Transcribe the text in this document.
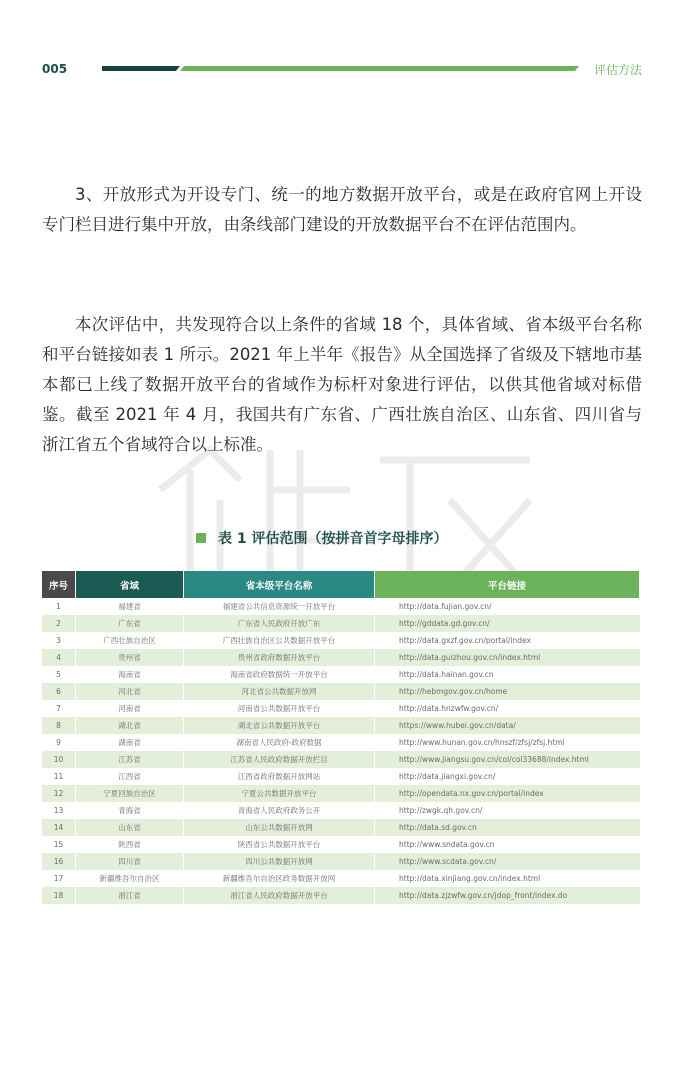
005	评估方法

3、开放形式为开设专门、统一的地方数据开放平台，或是在政府官网上开设专门栏目进行集中开放，由条线部门建设的开放数据平台不在评估范围内。

本次评估中，共发现符合以上条件的省域 18 个，具体省域、省本级平台名称和平台链接如表 1 所示。2021 年上半年《报告》从全国选择了省级及下辖地市基本都已上线了数据开放平台的省域作为标杆对象进行评估，以供其他省域对标借鉴。截至 2021 年 4 月，我国共有广东省、广西壮族自治区、山东省、四川省与浙江省五个省域符合以上标准。

表 1 评估范围（按拼音首字母排序）
序号	省域	省本级平台名称	平台链接
1	福建省	福建省公共信息资源统一开放平台	http://data.fujian.gov.cn/
2	广东省	广东省人民政府开放广东	http://gddata.gd.gov.cn/
3	广西壮族自治区	广西壮族自治区公共数据开放平台	http://data.gxzf.gov.cn/portal/index
4	贵州省	贵州省政府数据开放平台	http://data.guizhou.gov.cn/index.html
5	海南省	海南省政府数据统一开放平台	http://data.hainan.gov.cn
6	河北省	河北省公共数据开放网	http://hebmgov.gov.cn/home
7	河南省	河南省公共数据开放平台	http://data.hnzwfw.gov.cn/
8	湖北省	湖北省公共数据开放平台	https://www.hubei.gov.cn/data/
9	湖南省	湖南省人民政府-政府数据	http://www.hunan.gov.cn/hnszf/zfsj/zfsj.html
10	江苏省	江苏省人民政府数据开放栏目	http://www.jiangsu.gov.cn/col/col33688/index.html
11	江西省	江西省政府数据开放网站	http://data.jiangxi.gov.cn/
12	宁夏回族自治区	宁夏公共数据开放平台	http://opendata.nx.gov.cn/portal/index
13	青海省	青海省人民政府政务公开	http://zwgk.qh.gov.cn/
14	山东省	山东公共数据开放网	http://data.sd.gov.cn
15	陕西省	陕西省公共数据开放平台	http://www.sndata.gov.cn
16	四川省	四川公共数据开放网	http://www.scdata.gov.cn/
17	新疆维吾尔自治区	新疆维吾尔自治区政务数据开放网	http://data.xinjiang.gov.cn/index.html
18	浙江省	浙江省人民政府数据开放平台	http://data.zjzwfw.gov.cn/jdop_front/index.do
